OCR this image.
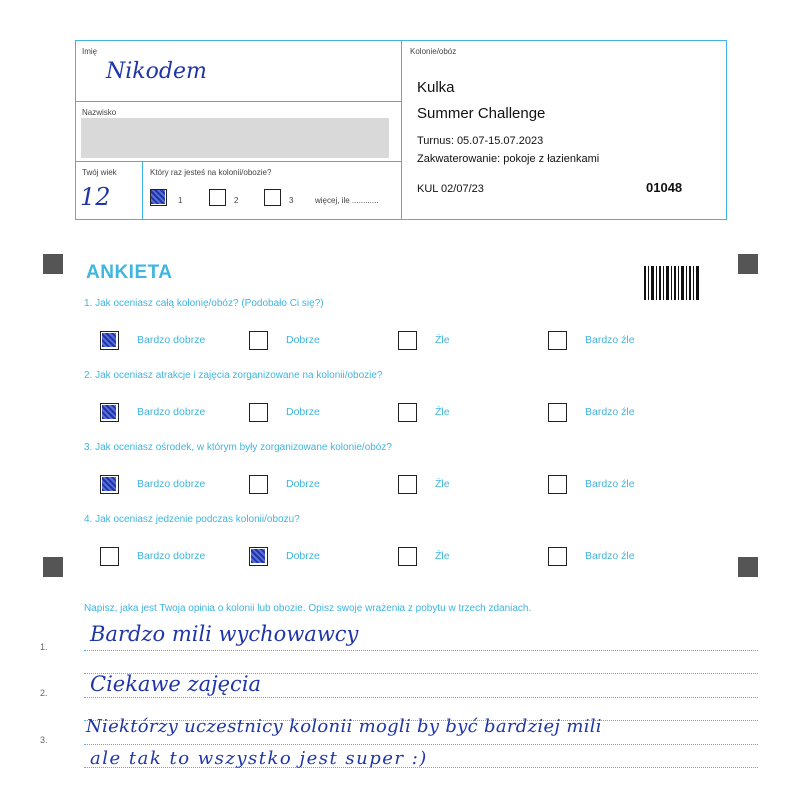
Imię
Nikodem
Nazwisko
Twój wiek
12
Który raz jesteś na kolonii/obozie?
1	2	3	więcej, ile ............
Kolonie/obóz
Kulka
Summer Challenge
Turnus: 05.07-15.07.2023
Zakwaterowanie: pokoje z łazienkami
KUL 02/07/23	01048
ANKIETA
1. Jak oceniasz całą kolonię/obóz? (Podobało Ci się?)
Bardzo dobrze	Dobrze	Źle	Bardzo źle
2. Jak oceniasz atrakcje i zajęcia zorganizowane na kolonii/obozie?
Bardzo dobrze	Dobrze	Źle	Bardzo źle
3. Jak oceniasz ośrodek, w którym były zorganizowane kolonie/obóz?
Bardzo dobrze	Dobrze	Źle	Bardzo źle
4. Jak oceniasz jedzenie podczas kolonii/obozu?
Bardzo dobrze	Dobrze	Źle	Bardzo źle
Napisz, jaka jest Twoja opinia o kolonii lub obozie. Opisz swoje wrażenia z pobytu w trzech zdaniach.
1.
2.
3.
Bardzo mili wychowawcy
Ciekawe zajęcia
Niektórzy uczestnicy kolonii mogli by być bardziej mili
ale tak to wszystko jest super :)
